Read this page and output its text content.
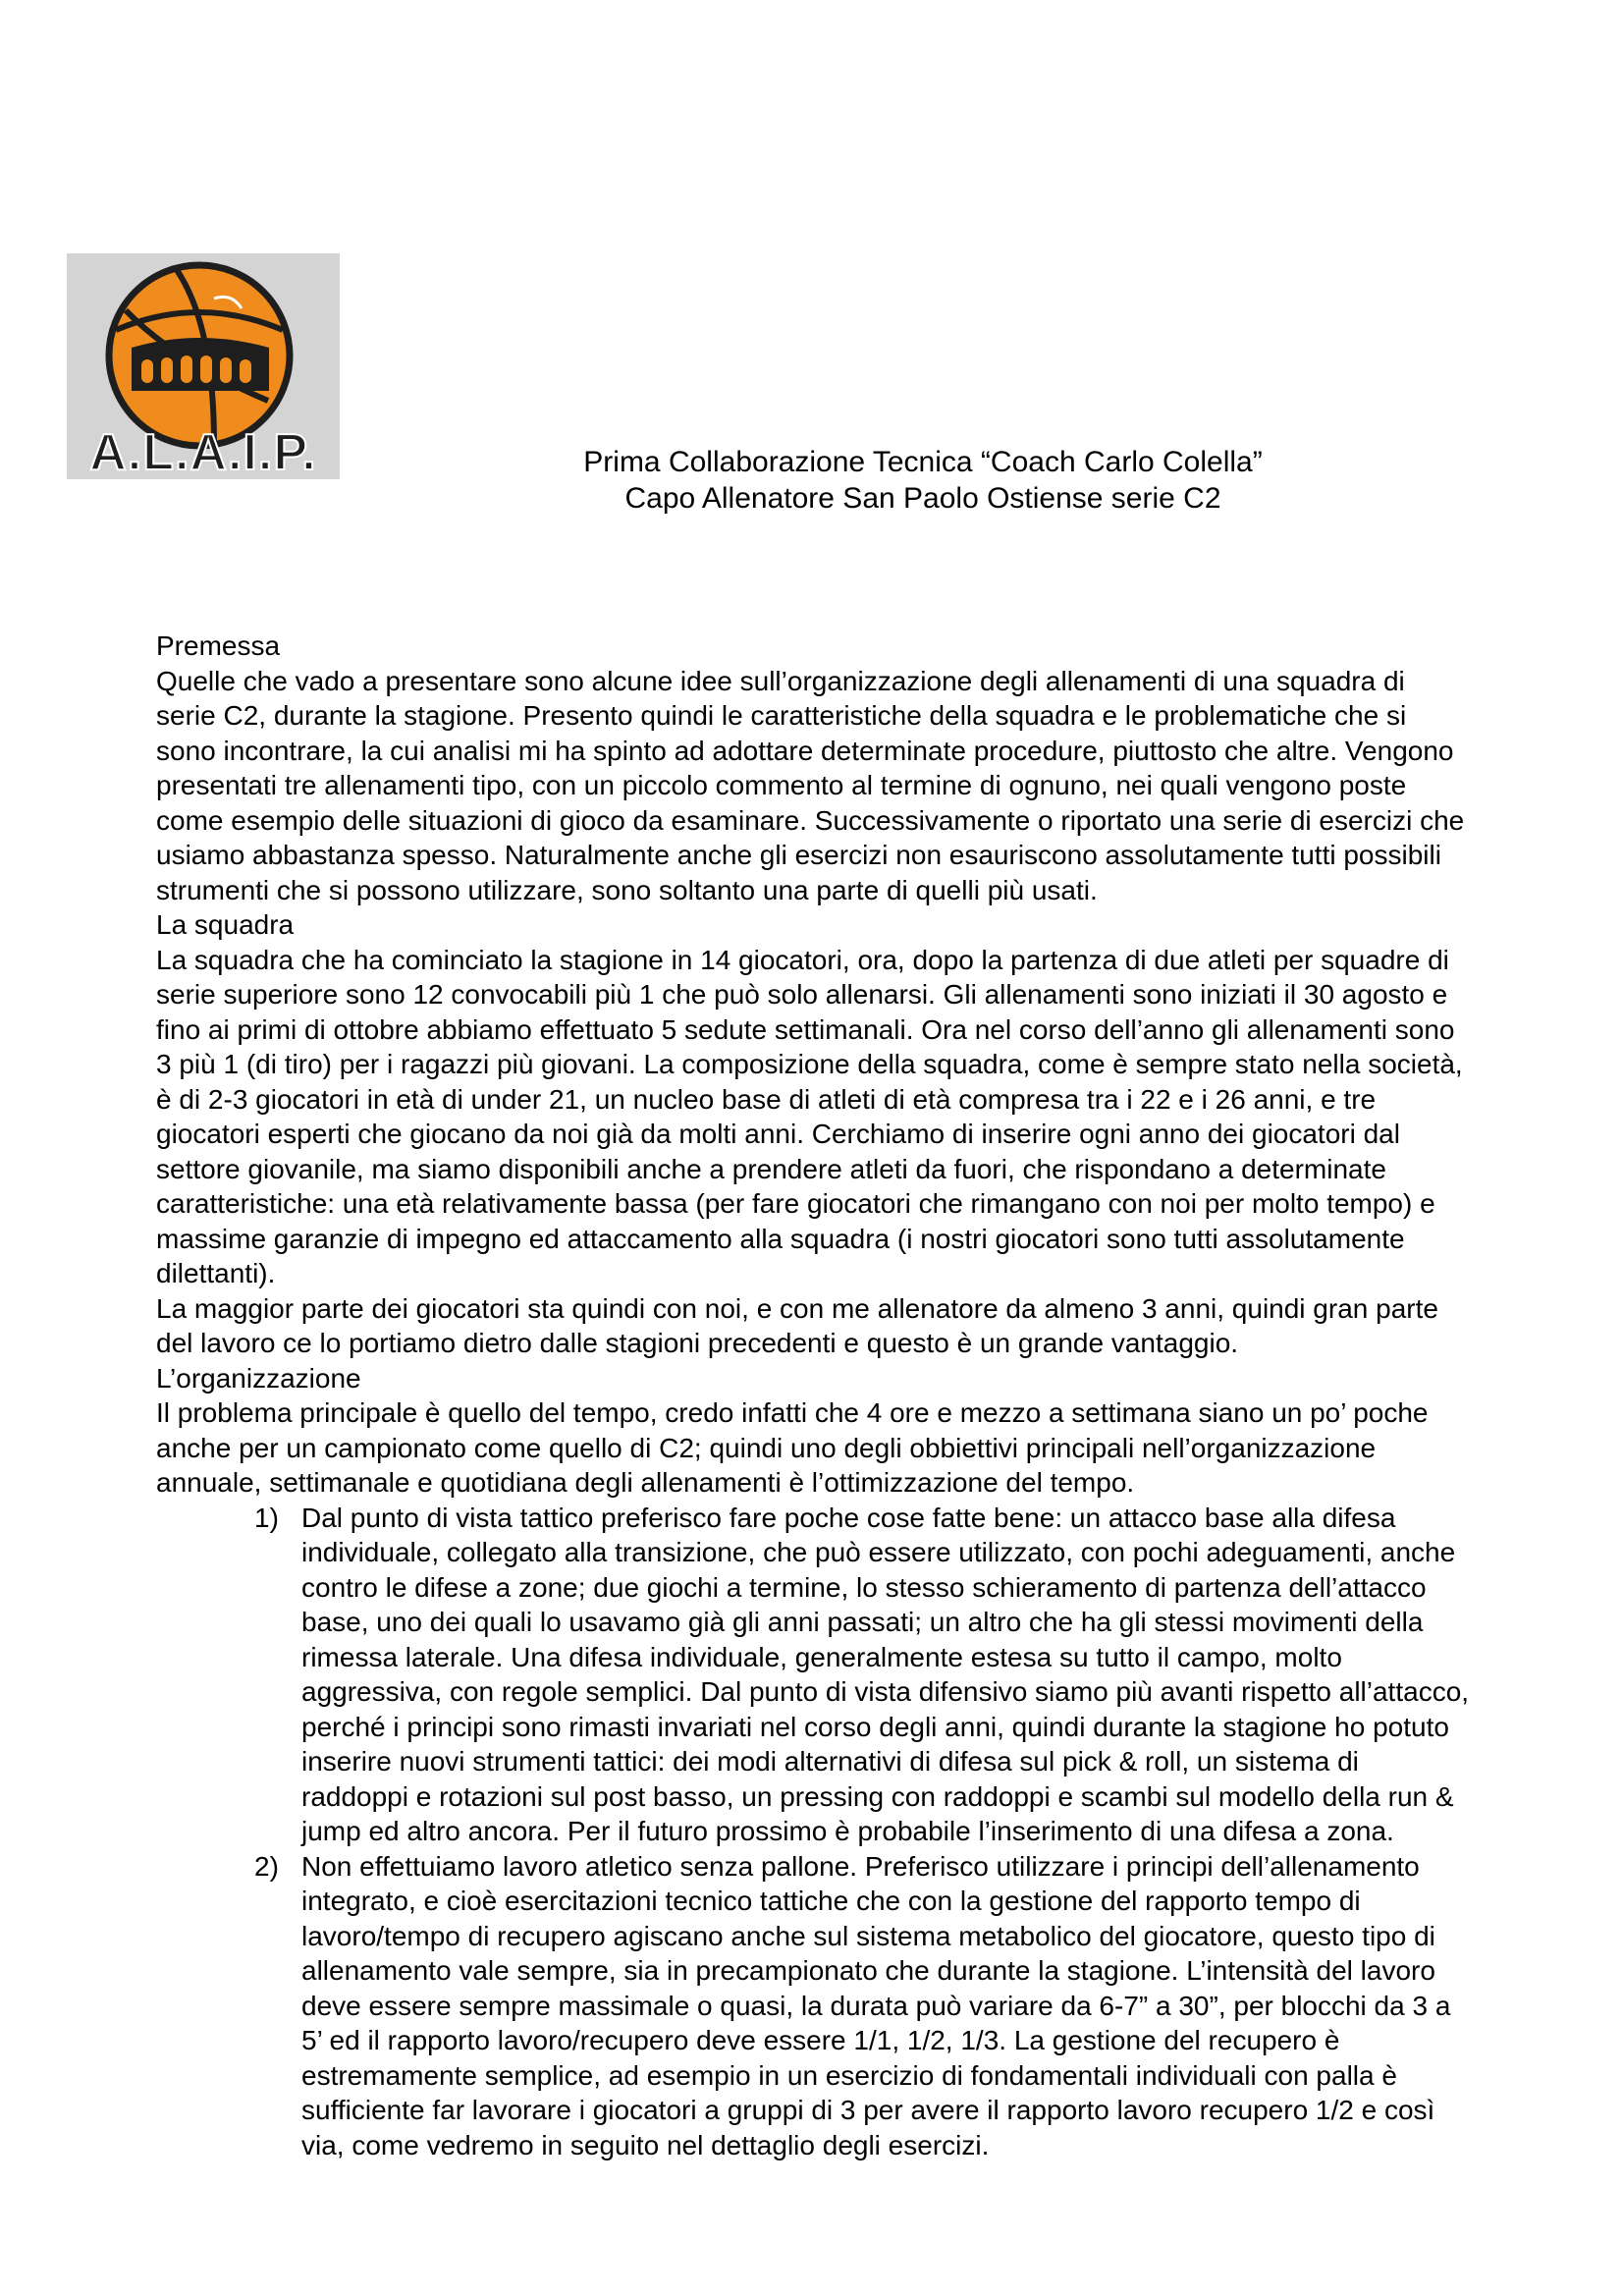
A.L.A.I.P.	Prima Collaborazione Tecnica “Coach Carlo Colella”
Capo Allenatore San Paolo Ostiense serie C2
Premessa

Quelle che vado a presentare sono alcune idee sull’organizzazione degli allenamenti di una squadra di serie C2, durante la stagione. Presento quindi le caratteristiche della squadra e le problematiche che si sono incontrare, la cui analisi mi ha spinto ad adottare determinate procedure, piuttosto che altre. Vengono presentati tre allenamenti tipo, con un piccolo commento al termine di ognuno, nei quali vengono poste come esempio delle situazioni di gioco da esaminare. Successivamente o riportato una serie di esercizi che usiamo abbastanza spesso. Naturalmente anche gli esercizi non esauriscono assolutamente tutti possibili strumenti che si possono utilizzare, sono soltanto una parte di quelli più usati.

La squadra

La squadra che ha cominciato la stagione in 14 giocatori, ora, dopo la partenza di due atleti per squadre di serie superiore sono 12 convocabili più 1 che può solo allenarsi. Gli allenamenti sono iniziati il 30 agosto e fino ai primi di ottobre abbiamo effettuato 5 sedute settimanali. Ora nel corso dell’anno gli allenamenti sono 3 più 1 (di tiro) per i ragazzi più giovani. La composizione della squadra, come è sempre stato nella società, è di 2-3 giocatori in età di under 21, un nucleo base di atleti di età compresa tra i 22 e i 26 anni, e tre giocatori esperti che giocano da noi già da molti anni. Cerchiamo di inserire ogni anno dei giocatori dal settore giovanile, ma siamo disponibili anche a prendere atleti da fuori, che rispondano a determinate caratteristiche: una età relativamente bassa (per fare giocatori che rimangano con noi per molto tempo) e massime garanzie di impegno ed attaccamento alla squadra (i nostri giocatori sono tutti assolutamente dilettanti).

La maggior parte dei giocatori sta quindi con noi, e con me allenatore da almeno 3 anni, quindi gran parte del lavoro ce lo portiamo dietro dalle stagioni precedenti e questo è un grande vantaggio.

L’organizzazione

Il problema principale è quello del tempo, credo infatti che 4 ore e mezzo a settimana siano un po’ poche anche per un campionato come quello di C2; quindi uno degli obbiettivi principali nell’organizzazione annuale, settimanale e quotidiana degli allenamenti è l’ottimizzazione del tempo.

1) Dal punto di vista tattico preferisco fare poche cose fatte bene: un attacco base alla difesa individuale, collegato alla transizione, che può essere utilizzato, con pochi adeguamenti, anche contro le difese a zone; due giochi a termine, lo stesso schieramento di partenza dell’attacco base, uno dei quali lo usavamo già gli anni passati; un altro che ha gli stessi movimenti della rimessa laterale. Una difesa individuale, generalmente estesa su tutto il campo, molto aggressiva, con regole semplici. Dal punto di vista difensivo siamo più avanti rispetto all’attacco, perché i principi sono rimasti invariati nel corso degli anni, quindi durante la stagione ho potuto inserire nuovi strumenti tattici: dei modi alternativi di difesa sul pick & roll, un sistema di raddoppi e rotazioni sul post basso, un pressing con raddoppi e scambi sul modello della run & jump ed altro ancora. Per il futuro prossimo è probabile l’inserimento di una difesa a zona.
2) Non effettuiamo lavoro atletico senza pallone. Preferisco utilizzare i principi dell’allenamento integrato, e cioè esercitazioni tecnico tattiche che con la gestione del rapporto tempo di lavoro/tempo di recupero agiscano anche sul sistema metabolico del giocatore, questo tipo di allenamento vale sempre, sia in precampionato che durante la stagione. L’intensità del lavoro deve essere sempre massimale o quasi, la durata può variare da 6-7” a 30”, per blocchi da 3 a 5’ ed il rapporto lavoro/recupero deve essere 1/1, 1/2, 1/3. La gestione del recupero è estremamente semplice, ad esempio in un esercizio di fondamentali individuali con palla è sufficiente far lavorare i giocatori a gruppi di 3 per avere il rapporto lavoro recupero 1/2 e così via, come vedremo in seguito nel dettaglio degli esercizi.
